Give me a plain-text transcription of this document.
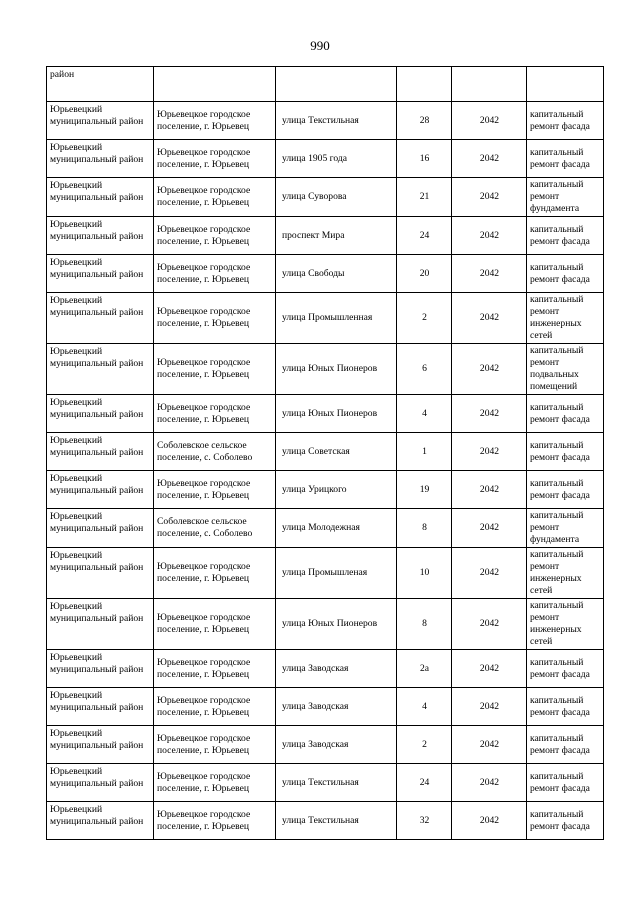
990
район					
Юрьевецкий муниципальный район	Юрьевецкое городское поселение, г. Юрьевец	улица Текстильная	28	2042	капитальный ремонт фасада
Юрьевецкий муниципальный район	Юрьевецкое городское поселение, г. Юрьевец	улица 1905 года	16	2042	капитальный ремонт фасада
Юрьевецкий муниципальный район	Юрьевецкое городское поселение, г. Юрьевец	улица Суворова	21	2042	капитальный ремонт фундамента
Юрьевецкий муниципальный район	Юрьевецкое городское поселение, г. Юрьевец	проспект Мира	24	2042	капитальный ремонт фасада
Юрьевецкий муниципальный район	Юрьевецкое городское поселение, г. Юрьевец	улица Свободы	20	2042	капитальный ремонт фасада
Юрьевецкий муниципальный район	Юрьевецкое городское поселение, г. Юрьевец	улица Промышленная	2	2042	капитальный ремонт инженерных сетей
Юрьевецкий муниципальный район	Юрьевецкое городское поселение, г. Юрьевец	улица Юных Пионеров	6	2042	капитальный ремонт подвальных помещений
Юрьевецкий муниципальный район	Юрьевецкое городское поселение, г. Юрьевец	улица Юных Пионеров	4	2042	капитальный ремонт фасада
Юрьевецкий муниципальный район	Соболевское сельское поселение, с. Соболево	улица Советская	1	2042	капитальный ремонт фасада
Юрьевецкий муниципальный район	Юрьевецкое городское поселение, г. Юрьевец	улица Урицкого	19	2042	капитальный ремонт фасада
Юрьевецкий муниципальный район	Соболевское сельское поселение, с. Соболево	улица Молодежная	8	2042	капитальный ремонт фундамента
Юрьевецкий муниципальный район	Юрьевецкое городское поселение, г. Юрьевец	улица Промышленая	10	2042	капитальный ремонт инженерных сетей
Юрьевецкий муниципальный район	Юрьевецкое городское поселение, г. Юрьевец	улица Юных Пионеров	8	2042	капитальный ремонт инженерных сетей
Юрьевецкий муниципальный район	Юрьевецкое городское поселение, г. Юрьевец	улица Заводская	2а	2042	капитальный ремонт фасада
Юрьевецкий муниципальный район	Юрьевецкое городское поселение, г. Юрьевец	улица Заводская	4	2042	капитальный ремонт фасада
Юрьевецкий муниципальный район	Юрьевецкое городское поселение, г. Юрьевец	улица Заводская	2	2042	капитальный ремонт фасада
Юрьевецкий муниципальный район	Юрьевецкое городское поселение, г. Юрьевец	улица Текстильная	24	2042	капитальный ремонт фасада
Юрьевецкий муниципальный район	Юрьевецкое городское поселение, г. Юрьевец	улица Текстильная	32	2042	капитальный ремонт фасада
